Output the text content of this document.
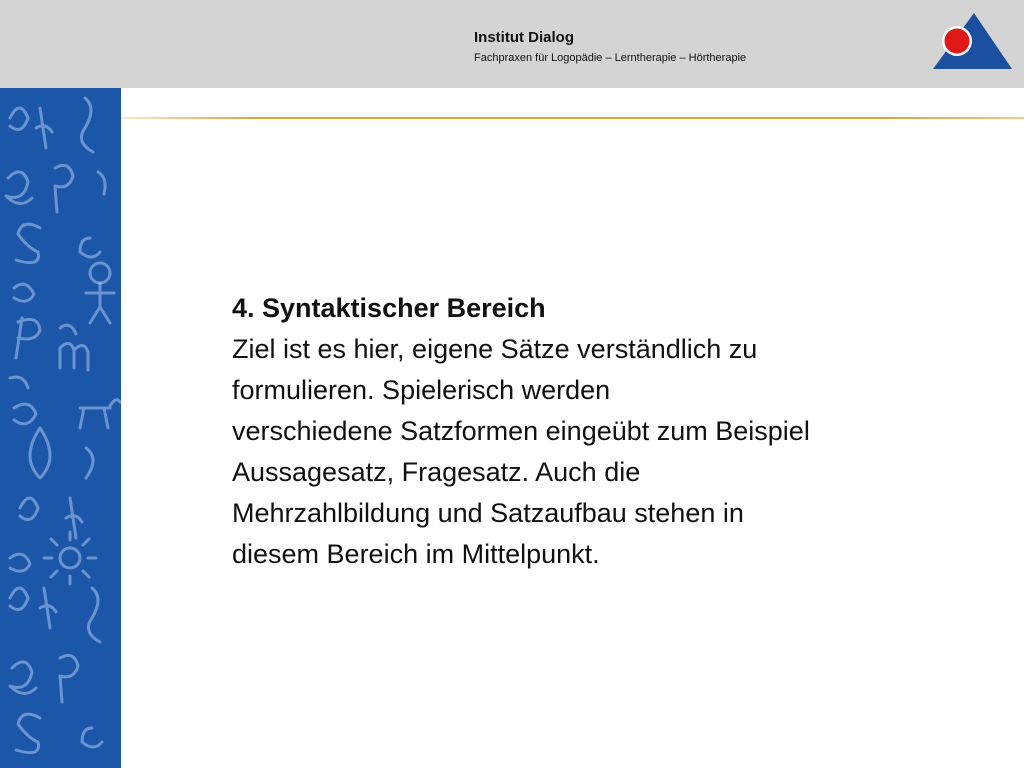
Institut Dialog
Fachpraxen für Logopädie – Lerntherapie – Hörtherapie
4. Syntaktischer Bereich
Ziel ist es hier, eigene Sätze verständlich zu
formulieren. Spielerisch werden
verschiedene Satzformen eingeübt zum Beispiel
Aussagesatz, Fragesatz. Auch die
Mehrzahlbildung und Satzaufbau stehen in
diesem Bereich im Mittelpunkt.
